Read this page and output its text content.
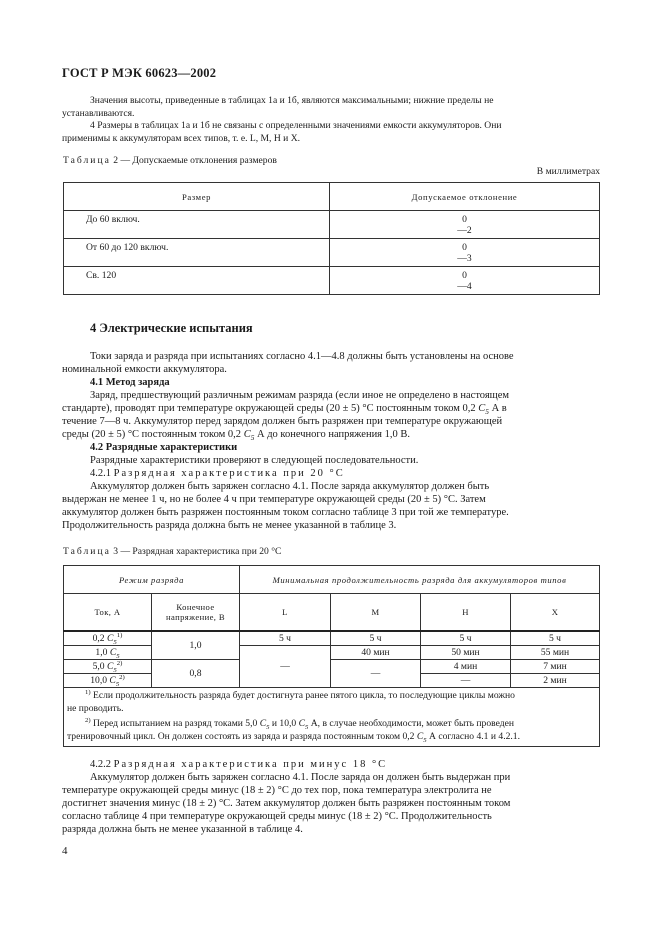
ГОСТ Р МЭК 60623—2002
Значения высоты, приведенные в таблицах 1а и 1б, являются максимальными; нижние пределы не
устанавливаются.
4 Размеры в таблицах 1а и 1б не связаны с определенными значениями емкости аккумуляторов. Они
применимы к аккумуляторам всех типов, т. е. L, M, H и X.
Таблица 2 — Допускаемые отклонения размеров
В миллиметрах
Размер	Допускаемое отклонение
До 60 включ.	0
—2

От 60 до 120 включ.	0
—3

Св. 120	0
—4
4 Электрические испытания
Токи заряда и разряда при испытаниях согласно 4.1—4.8 должны быть установлены на основе
номинальной емкости аккумулятора.
4.1 Метод заряда
Заряд, предшествующий различным режимам разряда (если иное не определено в настоящем
стандарте), проводят при температуре окружающей среды (20 ± 5) °С постоянным током 0,2 $C_5$ А в
течение 7—8 ч. Аккумулятор перед зарядом должен быть разряжен при температуре окружающей
среды (20 ± 5) °С постоянным током 0,2 $C_5$ А до конечного напряжения 1,0 В.
4.2 Разрядные характеристики
Разрядные характеристики проверяют в следующей последовательности.
4.2.1 Разрядная характеристика при 20 °С
Аккумулятор должен быть заряжен согласно 4.1. После заряда аккумулятор должен быть
выдержан не менее 1 ч, но не более 4 ч при температуре окружающей среды (20 ± 5) °С. Затем
аккумулятор должен быть разряжен постоянным током согласно таблице 3 при той же температуре.
Продолжительность разряда должна быть не менее указанной в таблице 3.
Таблица 3 — Разрядная характеристика при 20 °С
Режим разряда		Минимальная продолжительность разряда для аккумуляторов типов			
Ток, А	Конечное
напряжение, В	L	M	H	X
0,2 $C_5^{1)}$	1,0	5 ч	5 ч	5 ч	5 ч
1,0 $C_5$		—	40 мин	50 мин	55 мин
5,0 $C_5^{2)}$	0,8		—	4 мин	7 мин
10,0 $C_5^{2)}$				—	2 мин

$^{1)}$ Если продолжительность разряда будет достигнута ранее пятого цикла, то последующие циклы можно
не проводить.
$^{2)}$ Перед испытанием на разряд токами 5,0 $C_5$ и 10,0 $C_5$ А, в случае необходимости, может быть проведен
тренировочный цикл. Он должен состоять из заряда и разряда постоянным током 0,2 $C_5$ А согласно 4.1 и 4.2.1.					
4.2.2 Разрядная характеристика при минус 18 °С
Аккумулятор должен быть заряжен согласно 4.1. После заряда он должен быть выдержан при
температуре окружающей среды минус (18 ± 2) °С до тех пор, пока температура электролита не
достигнет значения минус (18 ± 2) °С. Затем аккумулятор должен быть разряжен постоянным током
согласно таблице 4 при температуре окружающей среды минус (18 ± 2) °С. Продолжительность
разряда должна быть не менее указанной в таблице 4.
4
